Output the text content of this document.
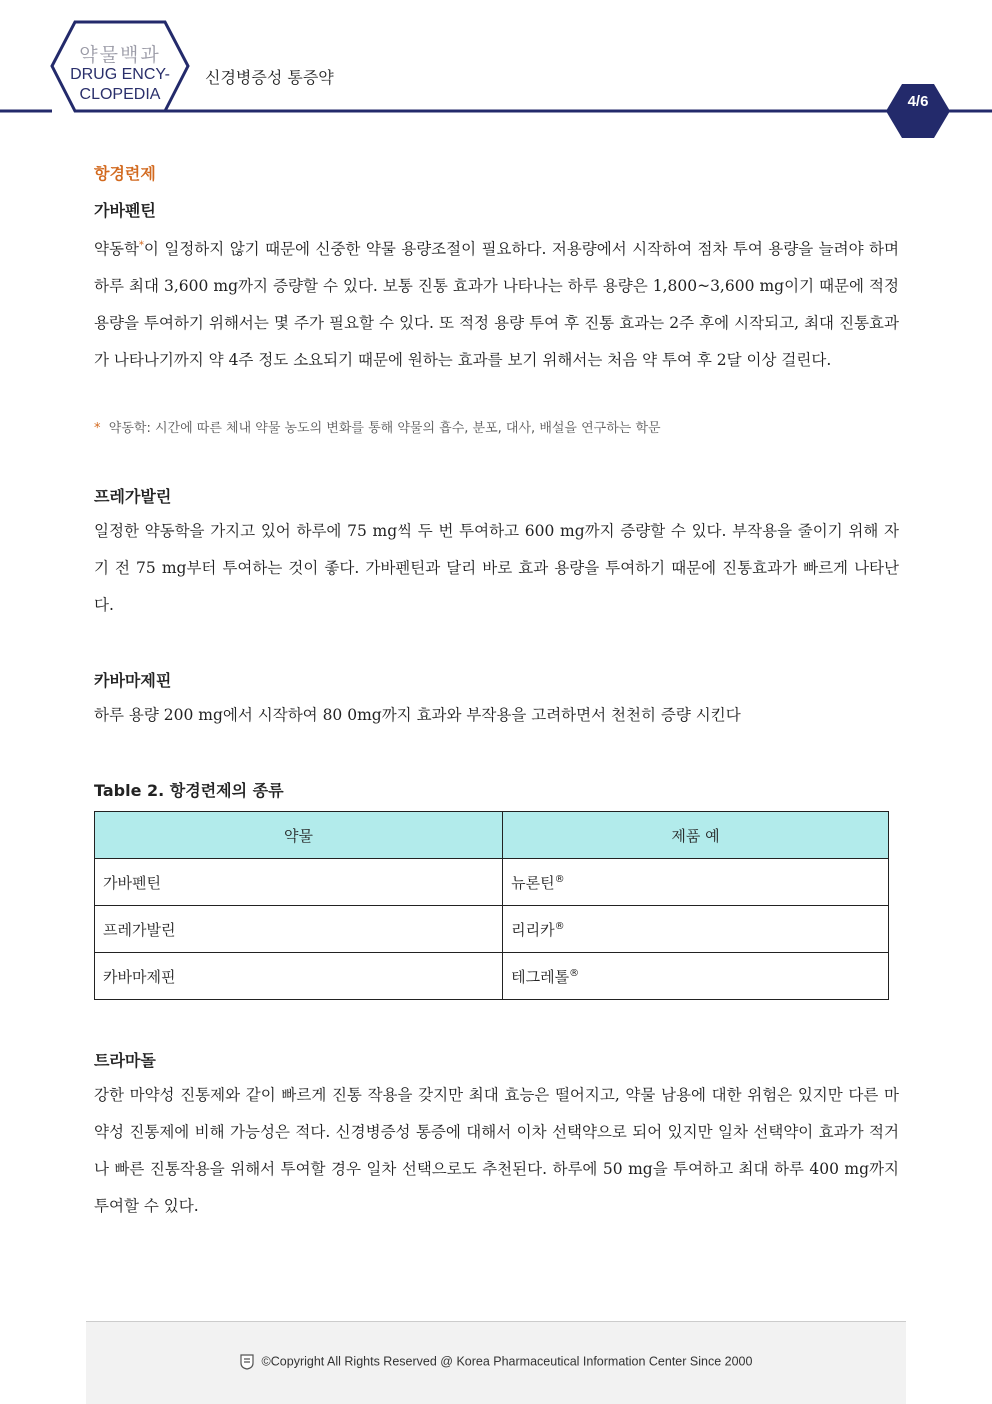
약물백과
DRUG ENCY-
CLOPEDIA
신경병증성 통증약
4/6
항경련제
가바펜틴

약동학*이 일정하지 않기 때문에 신중한 약물 용량조절이 필요하다. 저용량에서 시작하여 점차 투여 용량을 늘려야 하며 하루 최대 3,600 mg까지 증량할 수 있다. 보통 진통 효과가 나타나는 하루 용량은 1,800~3,600 mg이기 때문에 적정용량을 투여하기 위해서는 몇 주가 필요할 수 있다. 또 적정 용량 투여 후 진통 효과는 2주 후에 시작되고, 최대 진통효과가 나타나기까지 약 4주 정도 소요되기 때문에 원하는 효과를 보기 위해서는 처음 약 투여 후 2달 이상 걸린다.

* 약동학: 시간에 따른 체내 약물 농도의 변화를 통해 약물의 흡수, 분포, 대사, 배설을 연구하는 학문

프레가발린

일정한 약동학을 가지고 있어 하루에 75 mg씩 두 번 투여하고 600 mg까지 증량할 수 있다. 부작용을 줄이기 위해 자기 전 75 mg부터 투여하는 것이 좋다. 가바펜틴과 달리 바로 효과 용량을 투여하기 때문에 진통효과가 빠르게 나타난다.

카바마제핀

하루 용량 200 mg에서 시작하여 80 0mg까지 효과와 부작용을 고려하면서 천천히 증량 시킨다

Table 2. 항경련제의 종류
약물	제품 예
가바펜틴	뉴론틴®
프레가발린	리리카®
카바마제핀	테그레톨®
트라마돌

강한 마약성 진통제와 같이 빠르게 진통 작용을 갖지만 최대 효능은 떨어지고, 약물 남용에 대한 위험은 있지만 다른 마약성 진통제에 비해 가능성은 적다. 신경병증성 통증에 대해서 이차 선택약으로 되어 있지만 일차 선택약이 효과가 적거나 빠른 진통작용을 위해서 투여할 경우 일차 선택으로도 추천된다. 하루에 50 mg을 투여하고 최대 하루 400 mg까지 투여할 수 있다.

©Copyright All Rights Reserved @ Korea Pharmaceutical Information Center Since 2000
